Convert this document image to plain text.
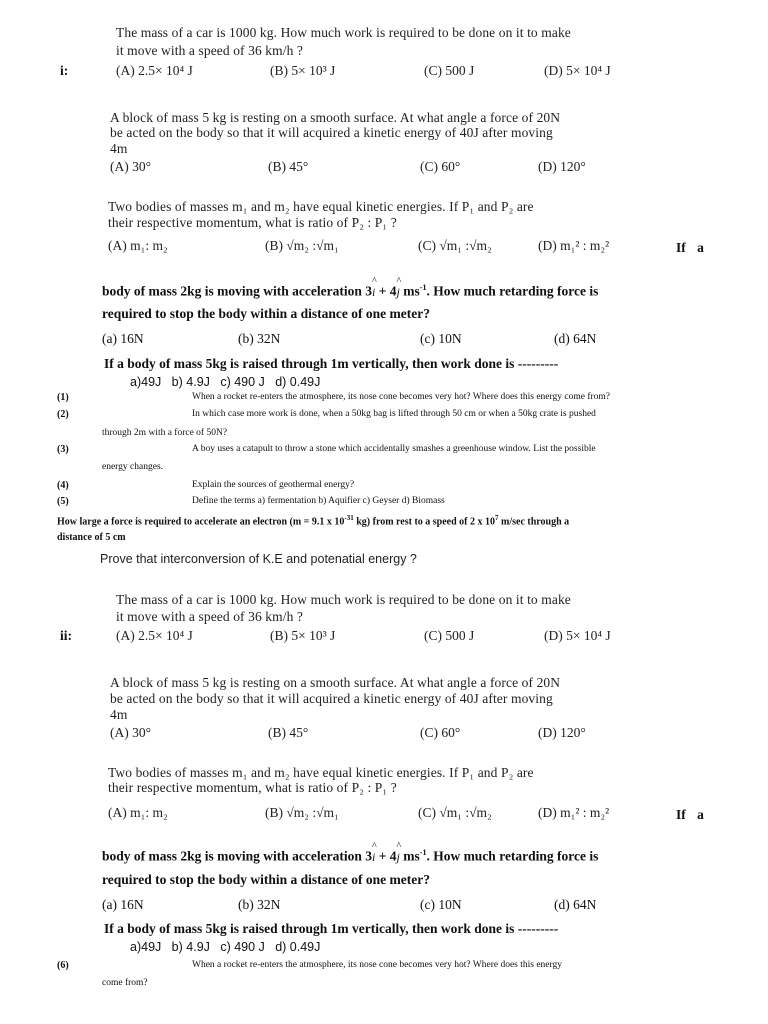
The mass of a car is 1000 kg. How much work is required to be done on it to make
it move with a speed of 36 km/h ?
i:	(A) 2.5× 10⁴ J	(B) 5× 10³ J	(C) 500 J	(D) 5× 10⁴ J
A block of mass 5 kg is resting on a smooth surface. At what angle a force of 20N
be acted on the body so that it will acquired a kinetic energy of 40J after moving
4m
(A) 30°	(B) 45°	(C) 60°	(D) 120°
Two bodies of masses m₁ and m₂ have equal kinetic energies. If P₁ and P₂ are
their respective momentum, what is ratio of P₂ : P₁ ?
(A) m₁: m₂	(B) √m₂ :√m₁	(C) √m₁ :√m₂	(D) m₁² : m₂²	If a
body of mass 2kg is moving with acceleration 3^ i + 4^ j $ms^{-1}$. How much retarding force is
required to stop the body within a distance of one meter?
(a) 16N	(b) 32N	(c) 10N	(d) 64N
If a body of mass 5kg is raised through 1m vertically, then work done is ---------
a)49J   b) 4.9J   c) 490 J   d) 0.49J
(1)	When a rocket re-enters the atmosphere, its nose cone becomes very hot? Where does this energy come from?
(2)	In which case more work is done, when a 50kg bag is lifted through 50 cm or when a 50kg crate is pushed
through 2m with a force of 50N?
(3)	A boy uses a catapult to throw a stone which accidentally smashes a greenhouse window. List the possible
energy changes.
(4)	Explain the sources of geothermal energy?
(5)	Define the terms a) fermentation b) Aquifier c) Geyser d) Biomass
How large a force is required to accelerate an electron (m = 9.1 x $10^{-31}$ kg) from rest to a speed of 2 x $10^7$ m/sec through a
distance of 5 cm
Prove that interconversion of K.E and potenatial energy ?
The mass of a car is 1000 kg. How much work is required to be done on it to make
it move with a speed of 36 km/h ?
ii:	(A) 2.5× 10⁴ J	(B) 5× 10³ J	(C) 500 J	(D) 5× 10⁴ J
A block of mass 5 kg is resting on a smooth surface. At what angle a force of 20N
be acted on the body so that it will acquired a kinetic energy of 40J after moving
4m
(A) 30°	(B) 45°	(C) 60°	(D) 120°
Two bodies of masses m₁ and m₂ have equal kinetic energies. If P₁ and P₂ are
their respective momentum, what is ratio of P₂ : P₁ ?
(A) m₁: m₂	(B) √m₂ :√m₁	(C) √m₁ :√m₂	(D) m₁² : m₂²	If a
body of mass 2kg is moving with acceleration 3^ i + 4^ j $ms^{-1}$. How much retarding force is
required to stop the body within a distance of one meter?
(a) 16N	(b) 32N	(c) 10N	(d) 64N
If a body of mass 5kg is raised through 1m vertically, then work done is ---------
a)49J   b) 4.9J   c) 490 J   d) 0.49J
(6)	When a rocket re-enters the atmosphere, its nose cone becomes very hot? Where does this energy
come from?
